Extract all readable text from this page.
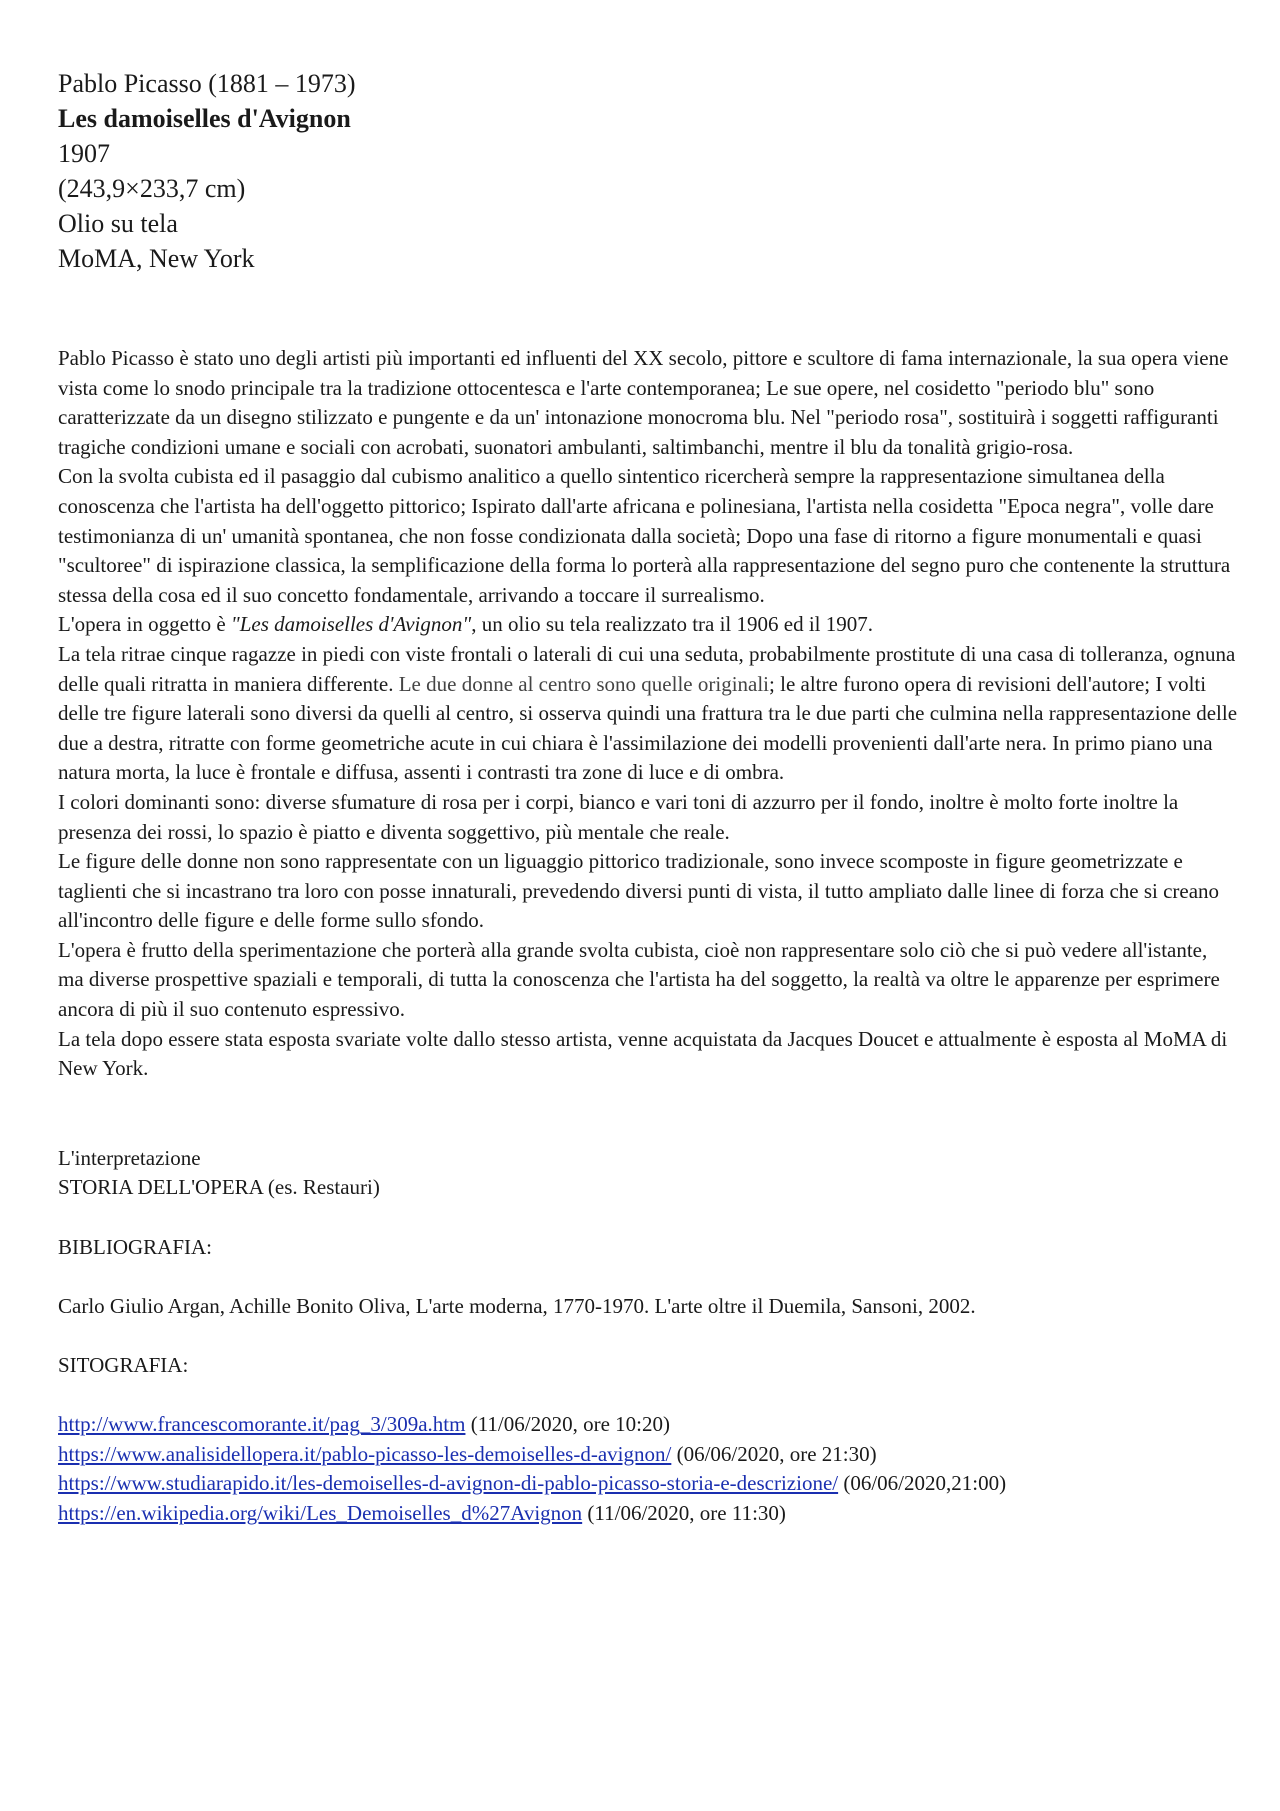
Pablo Picasso (1881 – 1973)
Les damoiselles d'Avignon
1907
(243,9×233,7 cm)
Olio su tela
MoMA, New York

Pablo Picasso è stato uno degli artisti più importanti ed influenti del XX secolo, pittore e scultore di fama internazionale, la sua opera viene vista come lo snodo principale tra la tradizione ottocentesca e l'arte contemporanea; Le sue opere, nel cosidetto "periodo blu" sono caratterizzate da un disegno stilizzato e pungente e da un' intonazione monocroma blu. Nel "periodo rosa", sostituirà i soggetti raffiguranti tragiche condizioni umane e sociali con acrobati, suonatori ambulanti, saltimbanchi, mentre il blu da tonalità grigio-rosa.

Con la svolta cubista ed il pasaggio dal cubismo analitico a quello sintentico ricercherà sempre la rappresentazione simultanea della conoscenza che l'artista ha dell'oggetto pittorico; Ispirato dall'arte africana e polinesiana, l'artista nella cosidetta "Epoca negra", volle dare testimonianza di un' umanità spontanea, che non fosse condizionata dalla società; Dopo una fase di ritorno a figure monumentali e quasi "scultoree" di ispirazione classica, la semplificazione della forma lo porterà alla rappresentazione del segno puro che contenente la struttura stessa della cosa ed il suo concetto fondamentale, arrivando a toccare il surrealismo.

L'opera in oggetto è "Les damoiselles d'Avignon", un olio su tela realizzato tra il 1906 ed il 1907.

La tela ritrae cinque ragazze in piedi con viste frontali o laterali di cui una seduta, probabilmente prostitute di una casa di tolleranza, ognuna delle quali ritratta in maniera differente. Le due donne al centro sono quelle originali; le altre furono opera di revisioni dell'autore; I volti delle tre figure laterali sono diversi da quelli al centro, si osserva quindi una frattura tra le due parti che culmina nella rappresentazione delle due a destra, ritratte con forme geometriche acute in cui chiara è l'assimilazione dei modelli provenienti dall'arte nera. In primo piano una natura morta, la luce è frontale e diffusa, assenti i contrasti tra zone di luce e di ombra.

I colori dominanti sono: diverse sfumature di rosa per i corpi, bianco e vari toni di azzurro per il fondo, inoltre è molto forte inoltre la presenza dei rossi, lo spazio è piatto e diventa soggettivo, più mentale che reale.

Le figure delle donne non sono rappresentate con un liguaggio pittorico tradizionale, sono invece scomposte in figure geometrizzate e taglienti che si incastrano tra loro con posse innaturali, prevedendo diversi punti di vista, il tutto ampliato dalle linee di forza che si creano all'incontro delle figure e delle forme sullo sfondo.

L'opera è frutto della sperimentazione che porterà alla grande svolta cubista, cioè non rappresentare solo ciò che si può vedere all'istante, ma diverse prospettive spaziali e temporali, di tutta la conoscenza che l'artista ha del soggetto, la realtà va oltre le apparenze per esprimere ancora di più il suo contenuto espressivo.

La tela dopo essere stata esposta svariate volte dallo stesso artista, venne acquistata da Jacques Doucet e attualmente è esposta al MoMA di New York.

L'interpretazione

STORIA DELL'OPERA (es. Restauri)

BIBLIOGRAFIA:

Carlo Giulio Argan, Achille Bonito Oliva, L'arte moderna, 1770-1970. L'arte oltre il Duemila, Sansoni, 2002.

SITOGRAFIA:

http://www.francescomorante.it/pag_3/309a.htm (11/06/2020, ore 10:20)
https://www.analisidellopera.it/pablo-picasso-les-demoiselles-d-avignon/ (06/06/2020, ore 21:30)
https://www.studiarapido.it/les-demoiselles-d-avignon-di-pablo-picasso-storia-e-descrizione/ (06/06/2020,21:00)
https://en.wikipedia.org/wiki/Les_Demoiselles_d%27Avignon (11/06/2020, ore 11:30)
